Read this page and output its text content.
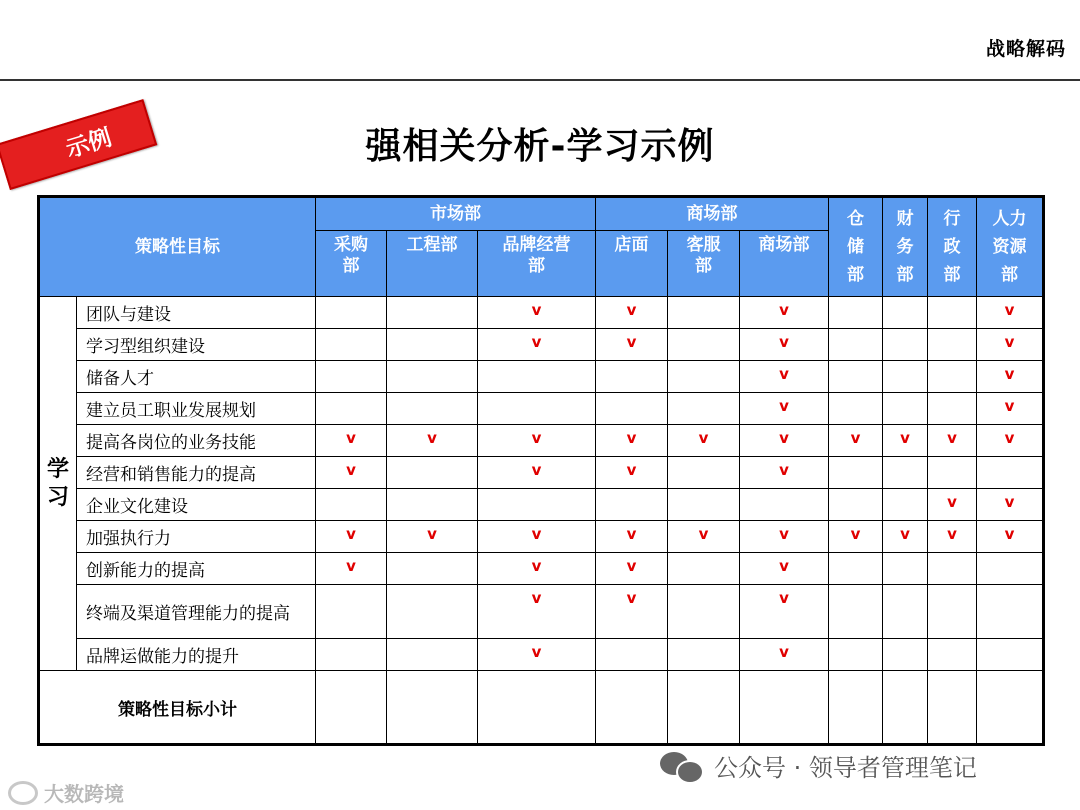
战略解码
示例	强相关分析-学习示例
策略性目标		市场部			商场部			仓储部	财务部	行政部	人力资源部

		采购部	工程部	品牌经营部	店面	客服部	商场部				

学习	团队与建设			v	v		v				v
	学习型组织建设			v	v		v				v
	储备人才						v				v
	建立员工职业发展规划						v				v
	提高各岗位的业务技能	v	v	v	v	v	v	v	v	v	v
	经营和销售能力的提高	v		v	v		v				
	企业文化建设									v	v
	加强执行力	v	v	v	v	v	v	v	v	v	v
	创新能力的提高	v		v	v		v				
	终端及渠道管理能力的提高			v	v		v				
	品牌运做能力的提升			v			v				
策略性目标小计											
公众号 · 领导者管理笔记
大数跨境
